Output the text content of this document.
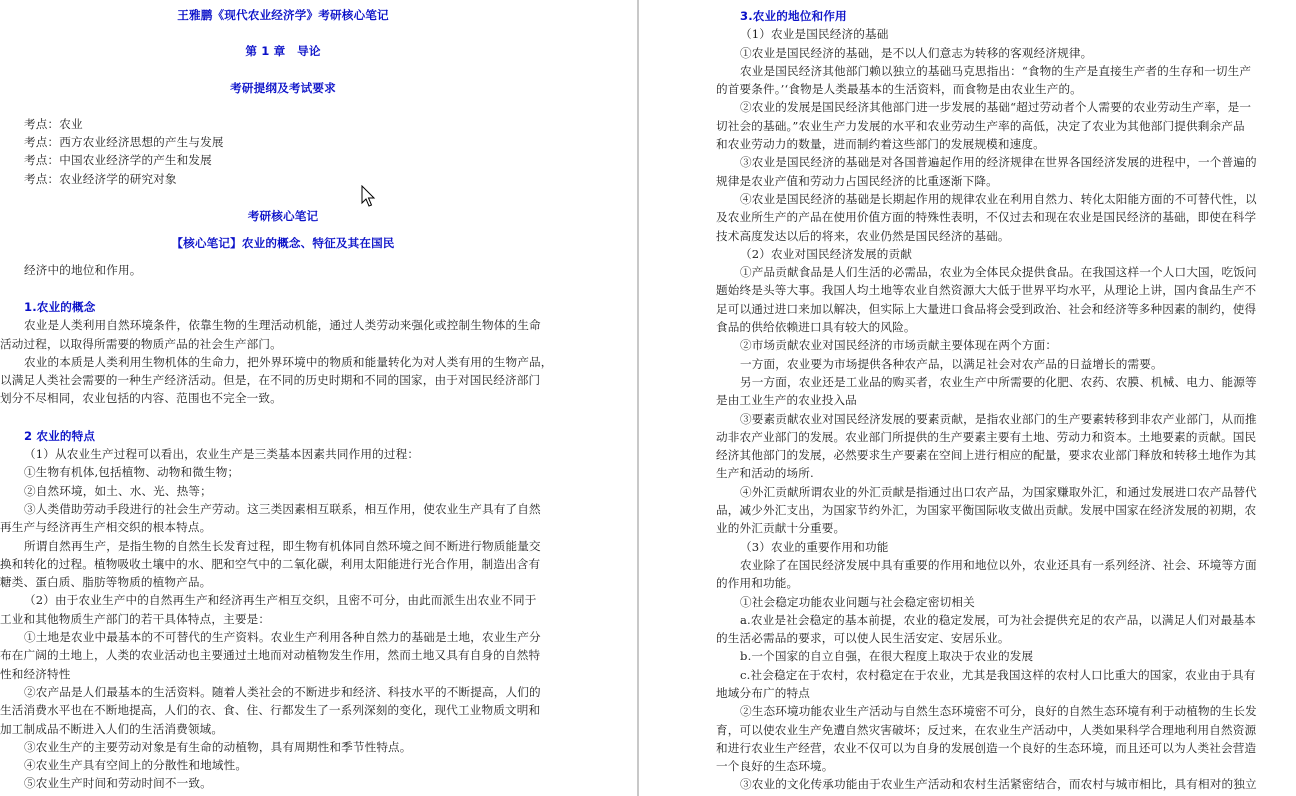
王雅鹏《现代农业经济学》考研核心笔记
第 1 章　导论
考研提纲及考试要求
考点：农业
考点：西方农业经济思想的产生与发展
考点：中国农业经济学的产生和发展
考点：农业经济学的研究对象
考研核心笔记
【核心笔记】农业的概念、特征及其在国民
经济中的地位和作用。
1.农业的概念
农业是人类利用自然环境条件，依靠生物的生理活动机能，通过人类劳动来强化或控制生物体的生命
活动过程，以取得所需要的物质产品的社会生产部门。
农业的本质是人类利用生物机体的生命力，把外界环境中的物质和能量转化为对人类有用的生物产品，
以满足人类社会需要的一种生产经济活动。但是，在不同的历史时期和不同的国家，由于对国民经济部门
划分不尽相同，农业包括的内容、范围也不完全一致。
2 农业的特点
（1）从农业生产过程可以看出，农业生产是三类基本因素共同作用的过程：
①生物有机体,包括植物、动物和微生物；
②自然环境，如土、水、光、热等；
③人类借助劳动手段进行的社会生产劳动。这三类因素相互联系，相互作用，使农业生产具有了自然
再生产与经济再生产相交织的根本特点。
所谓自然再生产，是指生物的自然生长发育过程，即生物有机体同自然环境之间不断进行物质能量交
换和转化的过程。植物吸收土壤中的水、肥和空气中的二氧化碳，利用太阳能进行光合作用，制造出含有
糖类、蛋白质、脂肪等物质的植物产品。
（2）由于农业生产中的自然再生产和经济再生产相互交织，且密不可分，由此而派生出农业不同于
工业和其他物质生产部门的若干具体特点，主要是：
①土地是农业中最基本的不可替代的生产资料。农业生产利用各种自然力的基础是土地，农业生产分
布在广阔的土地上，人类的农业活动也主要通过土地而对动植物发生作用，然而土地又具有自身的自然特
性和经济特性
②农产品是人们最基本的生活资料。随着人类社会的不断进步和经济、科技水平的不断提高，人们的
生活消费水平也在不断地提高，人们的衣、食、住、行都发生了一系列深刻的变化，现代工业物质文明和
加工制成品不断进入人们的生活消费领域。
③农业生产的主要劳动对象是有生命的动植物，具有周期性和季节性特点。
④农业生产具有空间上的分散性和地域性。
⑤农业生产时间和劳动时间不一致。
3.农业的地位和作用
（1）农业是国民经济的基础
①农业是国民经济的基础，是不以人们意志为转移的客观经济规律。
农业是国民经济其他部门赖以独立的基础马克思指出：“食物的生产是直接生产者的生存和一切生产
的首要条件。’‘食物是人类最基本的生活资料，而食物是由农业生产的。
②农业的发展是国民经济其他部门进一步发展的基础“超过劳动者个人需要的农业劳动生产率，是一
切社会的基础。”农业生产力发展的水平和农业劳动生产率的高低，决定了农业为其他部门提供剩余产品
和农业劳动力的数量，进而制约着这些部门的发展规模和速度。
③农业是国民经济的基础是对各国普遍起作用的经济规律在世界各国经济发展的进程中，一个普遍的
规律是农业产值和劳动力占国民经济的比重逐渐下降。
④农业是国民经济的基础是长期起作用的规律农业在利用自然力、转化太阳能方面的不可替代性，以
及农业所生产的产品在使用价值方面的特殊性表明，不仅过去和现在农业是国民经济的基础，即使在科学
技术高度发达以后的将来，农业仍然是国民经济的基础。
（2）农业对国民经济发展的贡献
①产品贡献食品是人们生活的必需品，农业为全体民众提供食品。在我国这样一个人口大国，吃饭问
题始终是头等大事。我国人均土地等农业自然资源大大低于世界平均水平，从理论上讲，国内食品生产不
足可以通过进口来加以解决，但实际上大量进口食品将会受到政治、社会和经济等多种因素的制约，使得
食品的供给依赖进口具有较大的风险。
②市场贡献农业对国民经济的市场贡献主要体现在两个方面：
一方面，农业要为市场提供各种农产品，以满足社会对农产品的日益增长的需要。
另一方面，农业还是工业品的购买者，农业生产中所需要的化肥、农药、农膜、机械、电力、能源等
是由工业生产的农业投入品
③要素贡献农业对国民经济发展的要素贡献，是指农业部门的生产要素转移到非农产业部门，从而推
动非农产业部门的发展。农业部门所提供的生产要素主要有土地、劳动力和资本。土地要素的贡献。国民
经济其他部门的发展，必然要求生产要素在空间上进行相应的配量，要求农业部门释放和转移土地作为其
生产和活动的场所.
④外汇贡献所谓农业的外汇贡献是指通过出口农产品，为国家赚取外汇，和通过发展进口农产品替代
品，减少外汇支出，为国家节约外汇，为国家平衡国际收支做出贡献。发展中国家在经济发展的初期，农
业的外汇贡献十分重要。
（3）农业的重要作用和功能
农业除了在国民经济发展中具有重要的作用和地位以外，农业还具有一系列经济、社会、环境等方面
的作用和功能。
①社会稳定功能农业问题与社会稳定密切相关
a.农业是社会稳定的基本前提，农业的稳定发展，可为社会提供充足的农产品，以满足人们对最基本
的生活必需品的要求，可以使人民生活安定、安居乐业。
b.一个国家的自立自强，在很大程度上取决于农业的发展
c.社会稳定在于农村，农村稳定在于农业，尤其是我国这样的农村人口比重大的国家，农业由于具有
地域分布广的特点
②生态环境功能农业生产活动与自然生态环境密不可分，良好的自然生态环境有利于动植物的生长发
育，可以使农业生产免遭自然灾害破坏；反过来，在农业生产活动中，人类如果科学合理地利用自然资源
和进行农业生产经营，农业不仅可以为自身的发展创造一个良好的生态环境，而且还可以为人类社会营造
一个良好的生态环境。
③农业的文化传承功能由于农业生产活动和农村生活紧密结合，而农村与城市相比，具有相对的独立
